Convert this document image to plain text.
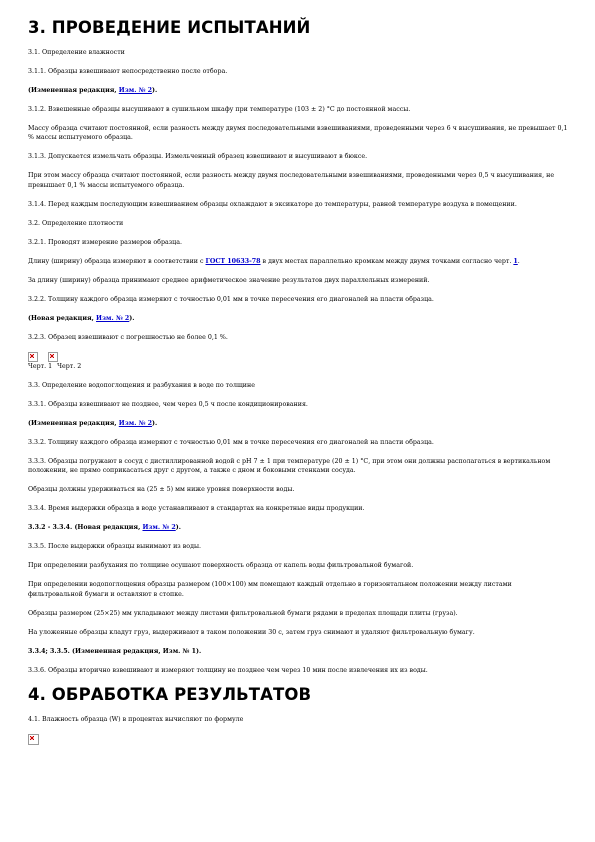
3. ПРОВЕДЕНИЕ ИСПЫТАНИЙ
3.1. Определение влажности
3.1.1. Образцы взвешивают непосредственно после отбора.
(Измененная редакция, Изм. № 2).
3.1.2. Взвешенные образцы высушивают в сушильном шкафу при температуре (103 ± 2) °С до постоянной массы.
Массу образца считают постоянной, если разность между двумя последовательными взвешиваниями, проведенными через 6 ч высушивания, не превышает 0,1 % массы испытуемого образца.
3.1.3. Допускается измельчать образцы. Измельченный образец взвешивают и высушивают в бюксе.
При этом массу образца считают постоянной, если разность между двумя последовательными взвешиваниями, проведенными через 0,5 ч высушивания, не превышает 0,1 % массы испытуемого образца.
3.1.4. Перед каждым последующим взвешиванием образцы охлаждают в эксикаторе до температуры, равной температуре воздуха в помещении.
3.2. Определение плотности
3.2.1. Проводят измерение размеров образца.
Длину (ширину) образца измеряют в соответствии с ГОСТ 10633-78 в двух местах параллельно кромкам между двумя точками согласно черт. 1.
За длину (ширину) образца принимают среднее арифметическое значение результатов двух параллельных измерений.
3.2.2. Толщину каждого образца измеряют с точностью 0,01 мм в точке пересечения его диагоналей на пласти образца.
(Новая редакция, Изм. № 2).
3.2.3. Образец взвешивают с погрешностью не более 0,1 %.

Черт. 1 Черт. 2
3.3. Определение водопоглощения и разбухания в воде по толщине
3.3.1. Образцы взвешивают не позднее, чем через 0,5 ч после кондиционирования.
(Измененная редакция, Изм. № 2).
3.3.2. Толщину каждого образца измеряют с точностью 0,01 мм в точке пересечения его диагоналей на пласти образца.
3.3.3. Образцы погружают в сосуд с дистиллированной водой с pH 7 ± 1 при температуре (20 ± 1) °С, при этом они должны располагаться в вертикальном положении, не прямо соприкасаться друг с другом, а также с дном и боковыми стенками сосуда.
Образцы должны удерживаться на (25 ± 5) мм ниже уровня поверхности воды.
3.3.4. Время выдержки образца в воде устанавливают в стандартах на конкретные виды продукции.
3.3.2 - 3.3.4. (Новая редакция, Изм. № 2).
3.3.5. После выдержки образцы вынимают из воды.
При определении разбухания по толщине осушают поверхность образца от капель воды фильтровальной бумагой.
При определении водопоглощения образцы размером (100×100) мм помещают каждый отдельно в горизонтальном положении между листами фильтровальной бумаги и оставляют в стопке.
Образцы размером (25×25) мм укладывают между листами фильтровальной бумаги рядами в пределах площади плиты (груза).
На уложенные образцы кладут груз, выдерживают в таком положении 30 с, затем груз снимают и удаляют фильтровальную бумагу.
3.3.4; 3.3.5. (Измененная редакция, Изм. № 1).
3.3.6. Образцы вторично взвешивают и измеряют толщину не позднее чем через 10 мин после извлечения их из воды.
4. ОБРАБОТКА РЕЗУЛЬТАТОВ
4.1. Влажность образца (W) в процентах вычисляют по формуле
